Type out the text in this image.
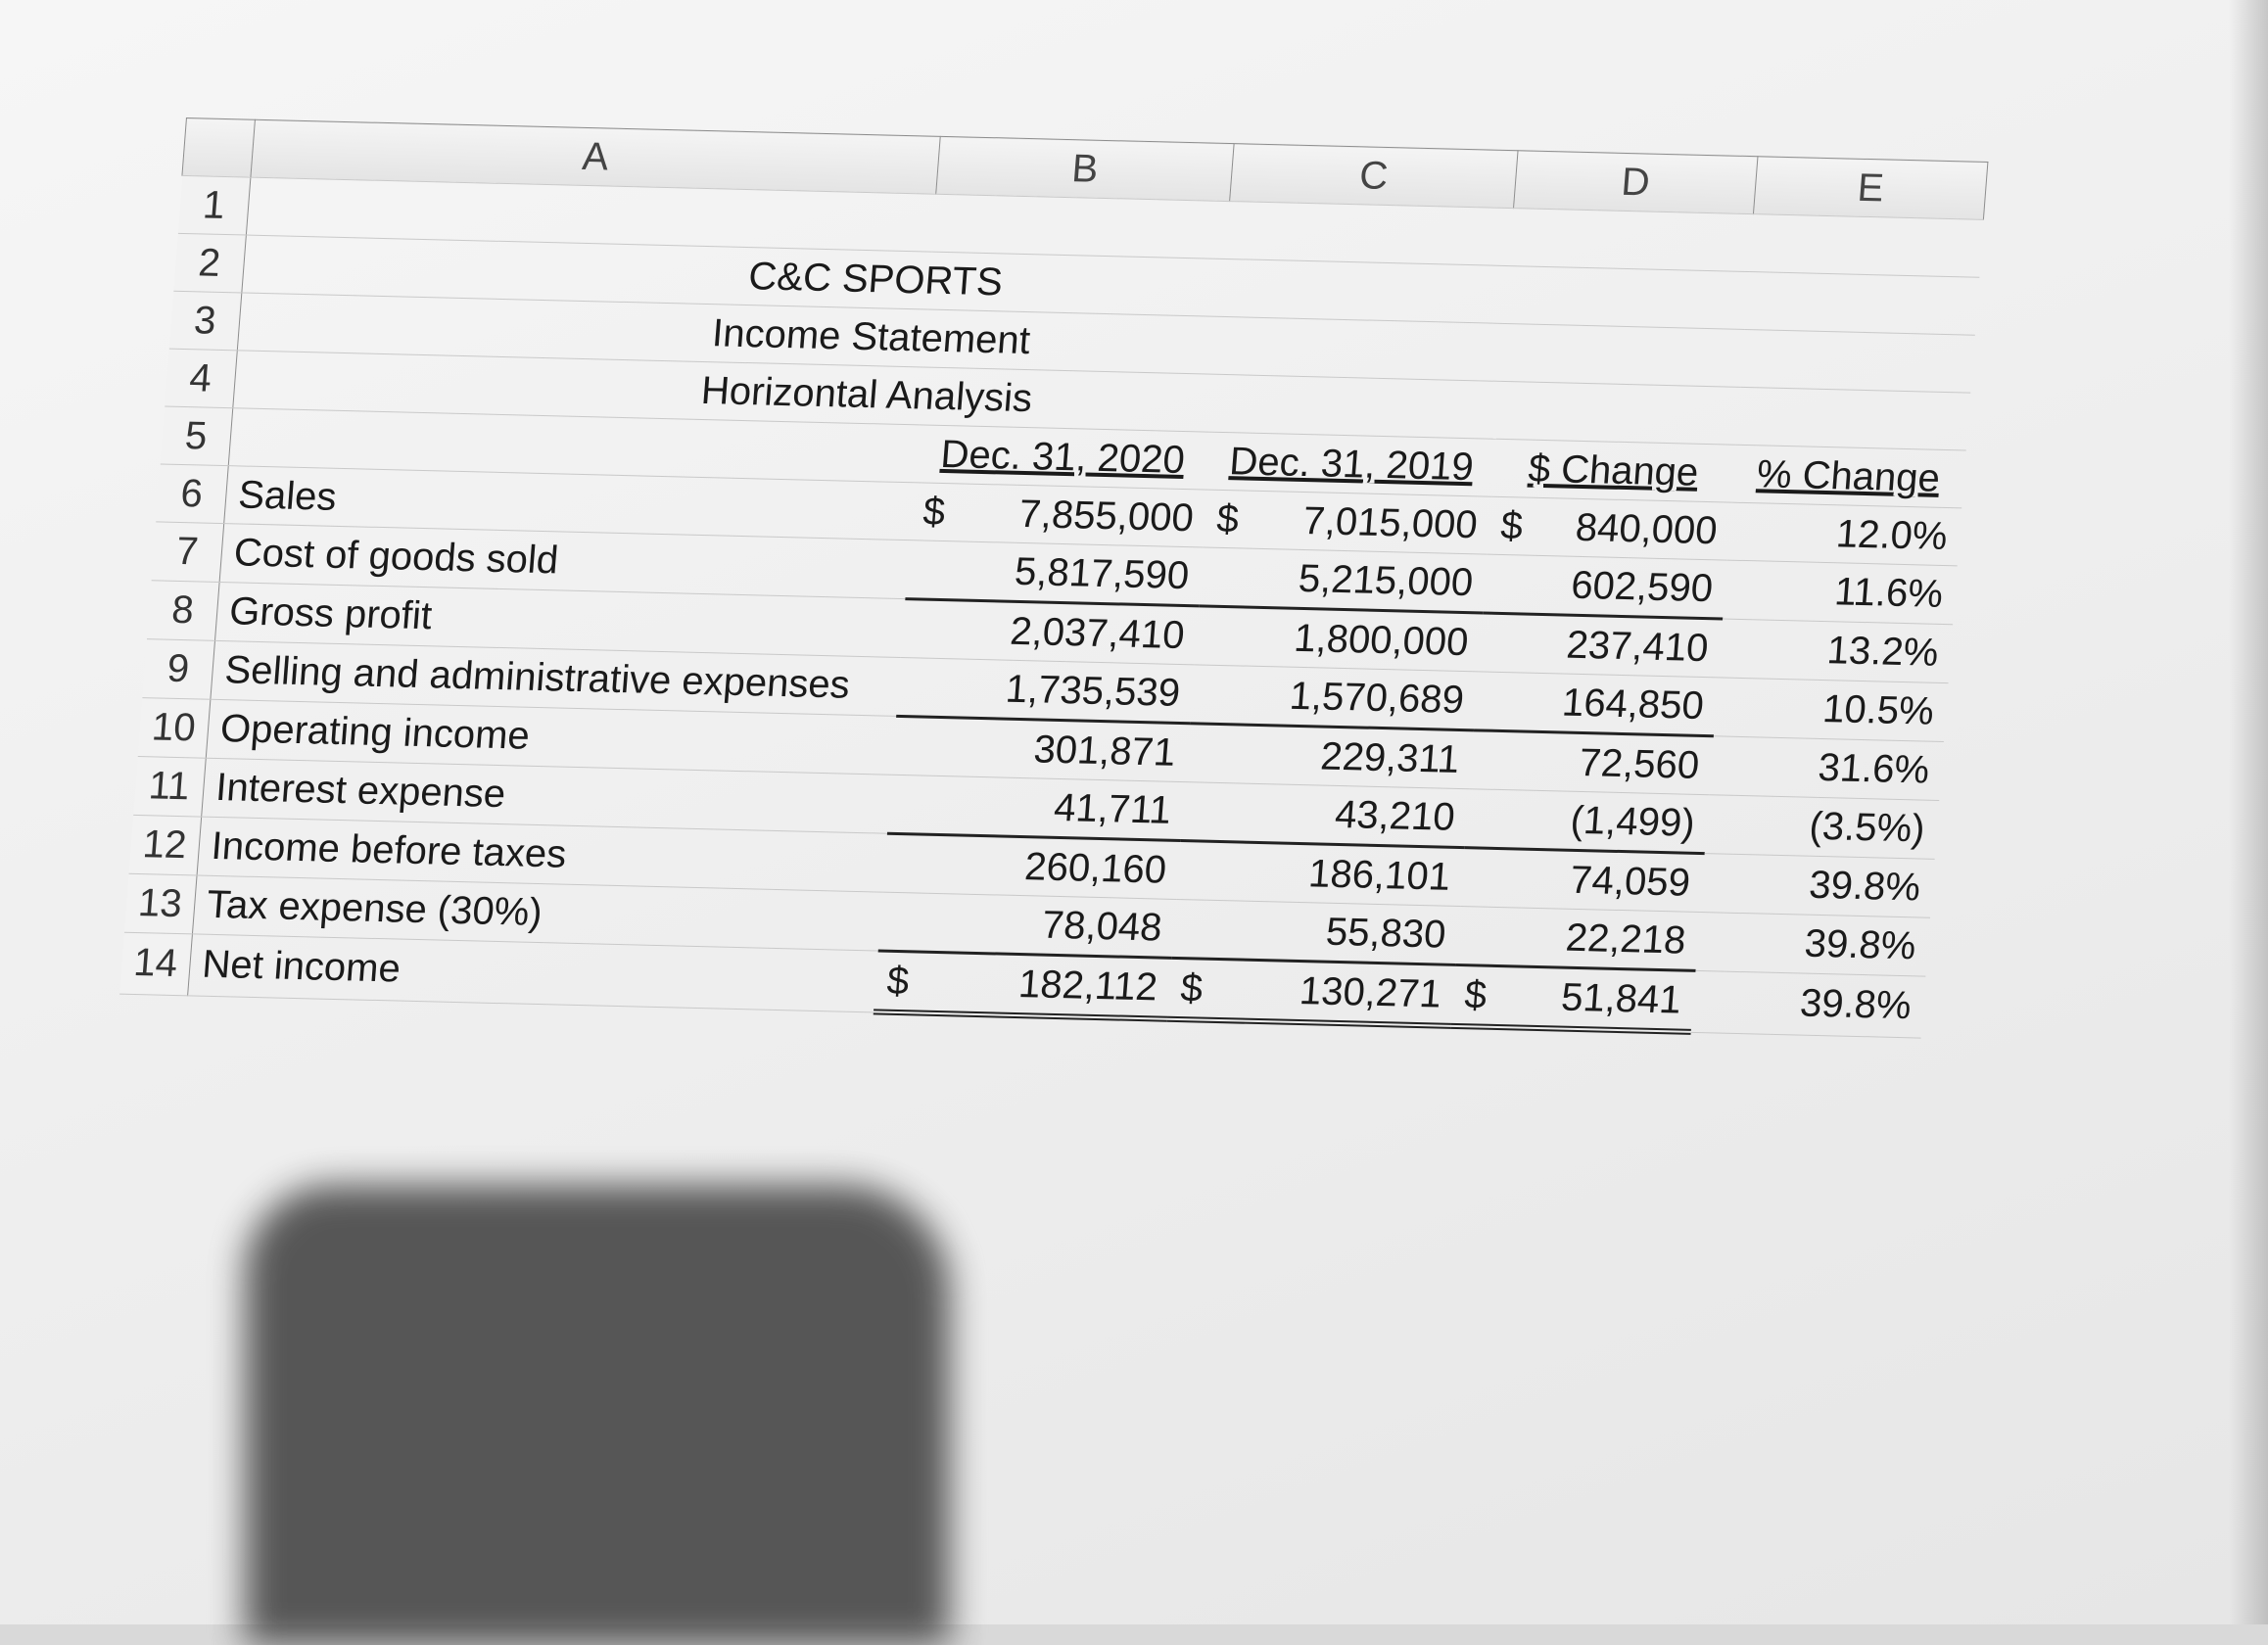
	A	B	C	D	E
1					
2	C&C SPORTS				
3	Income Statement				
4	Horizontal Analysis				
5		Dec. 31, 2020	Dec. 31, 2019	$ Change	% Change
6	Sales	$ 7,855,000	$ 7,015,000	$ 840,000	12.0%
7	Cost of goods sold	5,817,590	5,215,000	602,590	11.6%
8	Gross profit	2,037,410	1,800,000	237,410	13.2%
9	Selling and administrative expenses	1,735,539	1,570,689	164,850	10.5%
10	Operating income	301,871	229,311	72,560	31.6%
11	Interest expense	41,711	43,210	(1,499)	(3.5%)
12	Income before taxes	260,160	186,101	74,059	39.8%
13	Tax expense (30%)	78,048	55,830	22,218	39.8%
14	Net income	$ 182,112	$ 130,271	$ 51,841	39.8%
